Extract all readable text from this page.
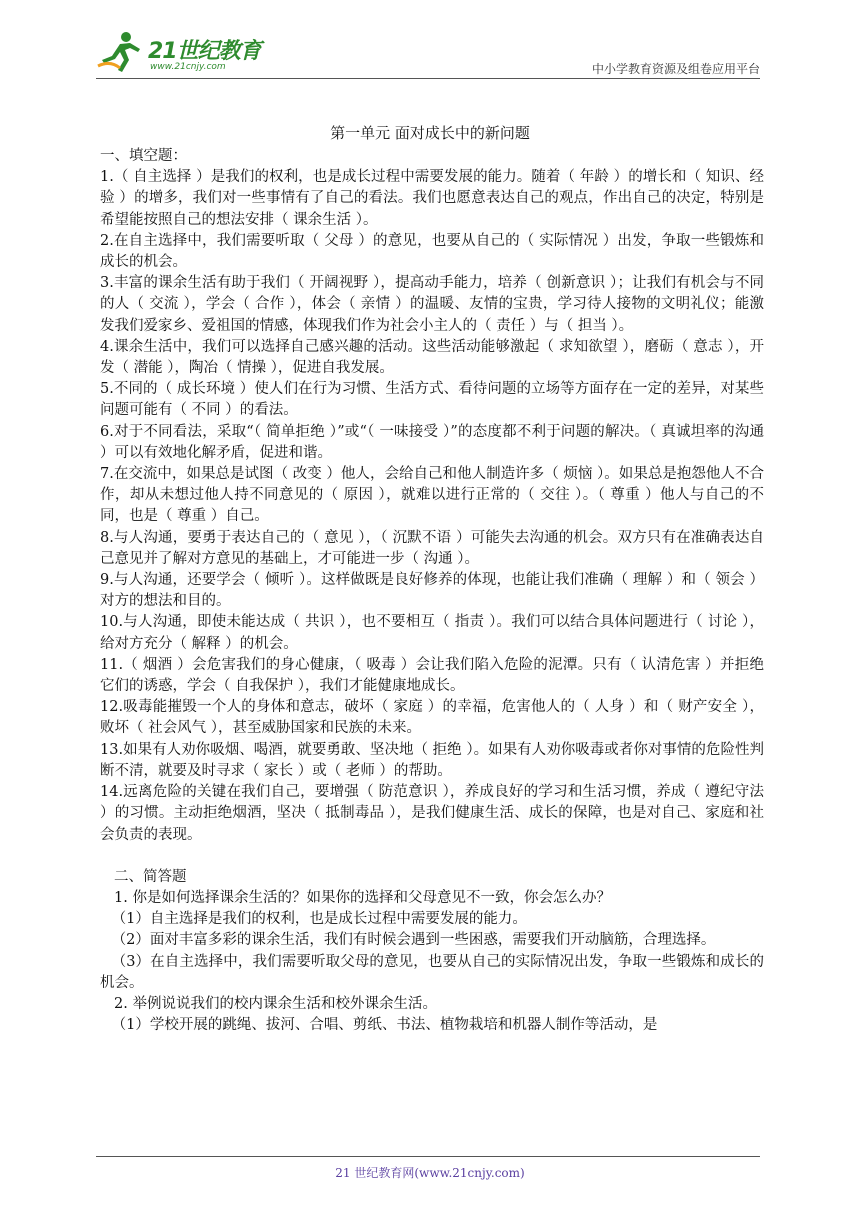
21世纪教育
www.21cnjy.com	中小学教育资源及组卷应用平台
第一单元 面对成长中的新问题

一、填空题：

1.（ 自主选择 ）是我们的权利，也是成长过程中需要发展的能力。随着（ 年龄 ）的增长和（ 知识、经验 ）的增多，我们对一些事情有了自己的看法。我们也愿意表达自己的观点，作出自己的决定，特别是希望能按照自己的想法安排（ 课余生活 ）。

2.在自主选择中，我们需要听取（ 父母 ）的意见，也要从自己的（ 实际情况 ）出发，争取一些锻炼和成长的机会。

3.丰富的课余生活有助于我们（ 开阔视野 ），提高动手能力，培养（ 创新意识 ）；让我们有机会与不同的人（ 交流 ），学会（ 合作 ），体会（ 亲情 ）的温暖、友情的宝贵，学习待人接物的文明礼仪；能激发我们爱家乡、爱祖国的情感，体现我们作为社会小主人的（ 责任 ）与（ 担当 ）。

4.课余生活中，我们可以选择自己感兴趣的活动。这些活动能够激起（ 求知欲望 ），磨砺（ 意志 ），开发（ 潜能 ），陶冶（ 情操 ），促进自我发展。

5.不同的（ 成长环境 ）使人们在行为习惯、生活方式、看待问题的立场等方面存在一定的差异，对某些问题可能有（ 不同 ）的看法。

6.对于不同看法，采取“（ 简单拒绝 ）”或“（ 一味接受 ）”的态度都不利于问题的解决。（ 真诚坦率的沟通 ）可以有效地化解矛盾，促进和谐。

7.在交流中，如果总是试图（ 改变 ）他人，会给自己和他人制造许多（ 烦恼 ）。如果总是抱怨他人不合作，却从未想过他人持不同意见的（ 原因 ），就难以进行正常的（ 交往 ）。（ 尊重 ）他人与自己的不同，也是（ 尊重 ）自己。

8.与人沟通，要勇于表达自己的（ 意见 ），（ 沉默不语 ）可能失去沟通的机会。双方只有在准确表达自己意见并了解对方意见的基础上，才可能进一步（ 沟通 ）。

9.与人沟通，还要学会（ 倾听 ）。这样做既是良好修养的体现，也能让我们准确（ 理解 ）和（ 领会 ）对方的想法和目的。

10.与人沟通，即使未能达成（ 共识 ），也不要相互（ 指责 ）。我们可以结合具体问题进行（ 讨论 ），给对方充分（ 解释 ）的机会。

11.（ 烟酒 ）会危害我们的身心健康，（ 吸毒 ）会让我们陷入危险的泥潭。只有（ 认清危害 ）并拒绝它们的诱惑，学会（ 自我保护 ），我们才能健康地成长。

12.吸毒能摧毁一个人的身体和意志，破坏（ 家庭 ）的幸福，危害他人的（ 人身 ）和（ 财产安全 ），败坏（ 社会风气 ），甚至威胁国家和民族的未来。

13.如果有人劝你吸烟、喝酒，就要勇敢、坚决地（ 拒绝 ）。如果有人劝你吸毒或者你对事情的危险性判断不清，就要及时寻求（ 家长 ）或（ 老师 ）的帮助。

14.远离危险的关键在我们自己，要增强（ 防范意识 ），养成良好的学习和生活习惯，养成（ 遵纪守法 ）的习惯。主动拒绝烟酒，坚决（ 抵制毒品 ），是我们健康生活、成长的保障，也是对自己、家庭和社会负责的表现。

二、简答题

1. 你是如何选择课余生活的？如果你的选择和父母意见不一致，你会怎么办？

（1）自主选择是我们的权利，也是成长过程中需要发展的能力。

（2）面对丰富多彩的课余生活，我们有时候会遇到一些困惑，需要我们开动脑筋，合理选择。

（3）在自主选择中，我们需要听取父母的意见，也要从自己的实际情况出发，争取一些锻炼和成长的机会。

2. 举例说说我们的校内课余生活和校外课余生活。

（1）学校开展的跳绳、拔河、合唱、剪纸、书法、植物栽培和机器人制作等活动，是

21 世纪教育网(www.21cnjy.com)
